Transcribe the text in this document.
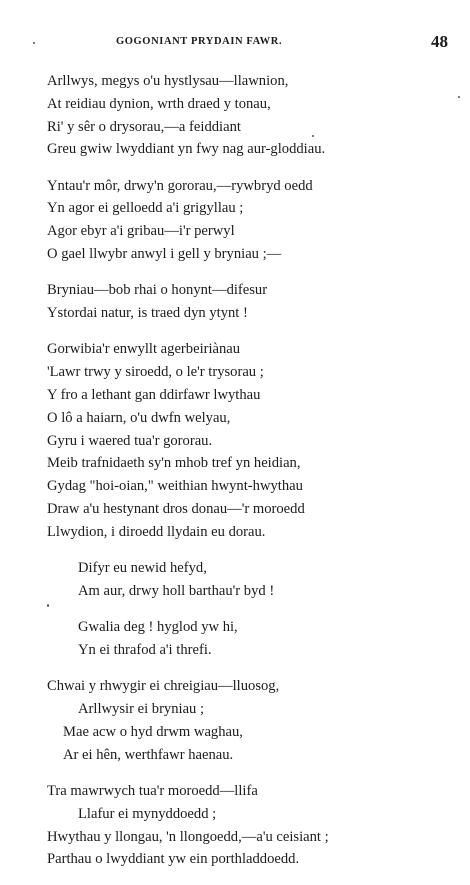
GOGONIANT PRYDAIN FAWR.	48
Arllwys, megys o'u hystlysau—llawnion,
At reidiau dynion, wrth draed y tonau,
Ri' y sêr o drysorau,—a feiddiant
Greu gwiw lwyddiant yn fwy nag aur-gloddiau.
Yntau'r môr, drwy'n gororau,—rywbryd oedd
Yn agor ei gelloedd a'i grigyllau ;
Agor ebyr a'i gribau—i'r perwyl
O gael llwybr anwyl i gell y bryniau ;—
Bryniau—bob rhai o honynt—difesur
Ystordai natur, is traed dyn ytynt !
Gorwibia'r enwyllt agerbeiriànau
'Lawr trwy y siroedd, o le'r trysorau ;
Y fro a lethant gan ddirfawr lwythau
O lô a haiarn, o'u dwfn welyau,
Gyru i waered tua'r gororau.
Meib trafnidaeth sy'n mhob tref yn heidian,
Gydag "hoi-oian," weithian hwynt-hwythau
Draw a'u hestynant dros donau—'r moroedd
Llwydion, i diroedd llydain eu dorau.
Difyr eu newid hefyd,
Am aur, drwy holl barthau'r byd !
Gwalia deg ! hyglod yw hi,
Yn ei thrafod a'i threfi.
Chwai y rhwygir ei chreigiau—lluosog,
Arllwysir ei bryniau ;
Mae acw o hyd drwm waghau,
Ar ei hên, werthfawr haenau.
Tra mawrwych tua'r moroedd—llifa
Llafur ei mynyddoedd ;
Hwythau y llongau, 'n llongoedd,—a'u ceisiant ;
Parthau o lwyddiant yw ein porthladdoedd.
